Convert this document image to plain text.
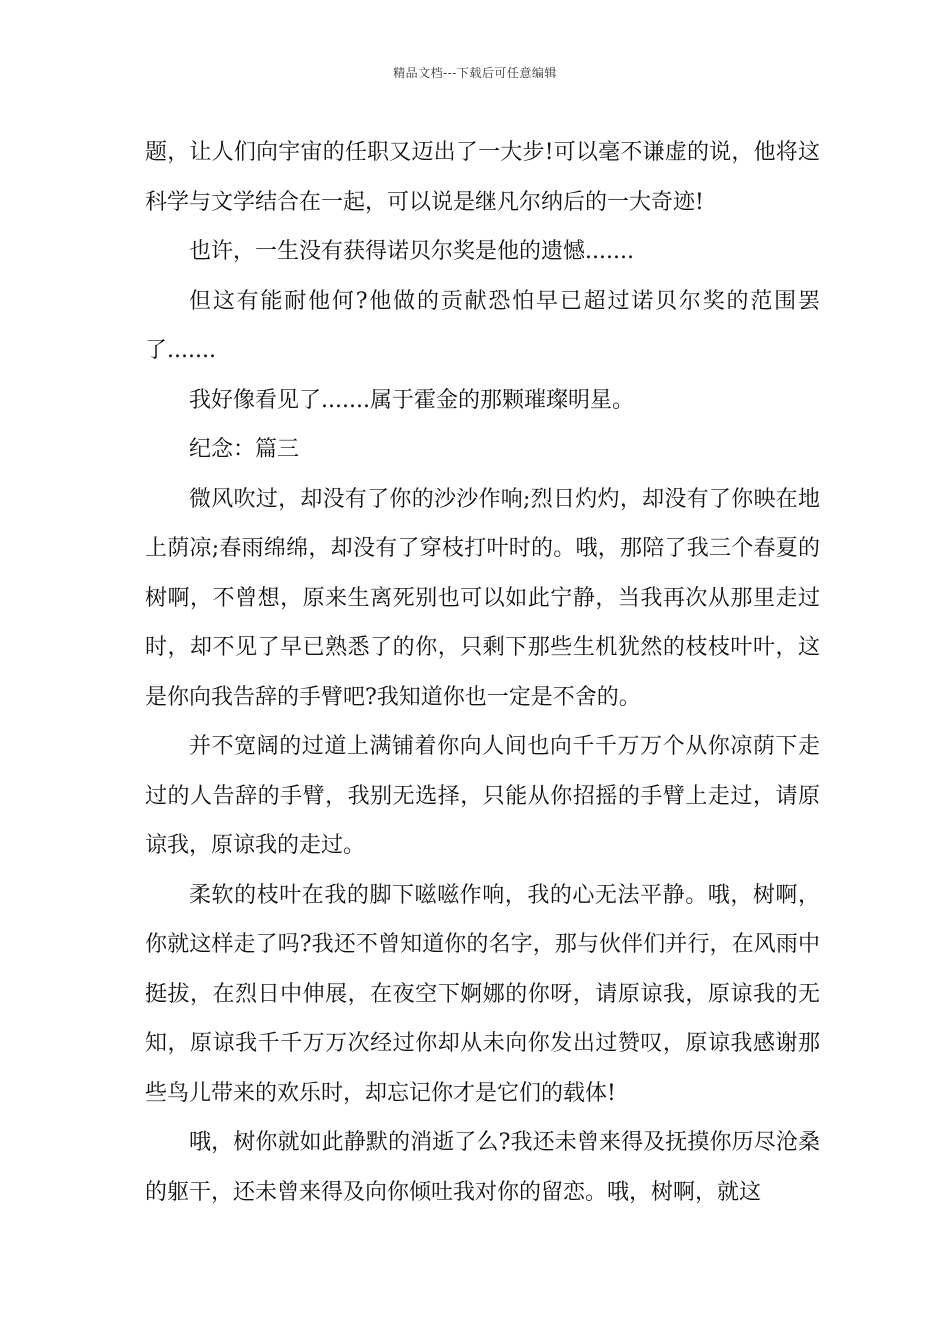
精品文档---下载后可任意编辑

题，让人们向宇宙的任职又迈出了一大步!可以毫不谦虚的说，他将这科学与文学结合在一起，可以说是继凡尔纳后的一大奇迹!

也许，一生没有获得诺贝尔奖是他的遗憾.......

但这有能耐他何?他做的贡献恐怕早已超过诺贝尔奖的范围罢了.......

我好像看见了.......属于霍金的那颗璀璨明星。

纪念：篇三

微风吹过，却没有了你的沙沙作响;烈日灼灼，却没有了你映在地上荫凉;春雨绵绵，却没有了穿枝打叶时的。哦，那陪了我三个春夏的树啊，不曾想，原来生离死别也可以如此宁静，当我再次从那里走过时，却不见了早已熟悉了的你，只剩下那些生机犹然的枝枝叶叶，这是你向我告辞的手臂吧?我知道你也一定是不舍的。

并不宽阔的过道上满铺着你向人间也向千千万万个从你凉荫下走过的人告辞的手臂，我别无选择，只能从你招摇的手臂上走过，请原谅我，原谅我的走过。

柔软的枝叶在我的脚下嗞嗞作响，我的心无法平静。哦，树啊，你就这样走了吗?我还不曾知道你的名字，那与伙伴们并行，在风雨中挺拔，在烈日中伸展，在夜空下婀娜的你呀，请原谅我，原谅我的无知，原谅我千千万万次经过你却从未向你发出过赞叹，原谅我感谢那些鸟儿带来的欢乐时，却忘记你才是它们的载体!

哦，树你就如此静默的消逝了么?我还未曾来得及抚摸你历尽沧桑的躯干，还未曾来得及向你倾吐我对你的留恋。哦，树啊，就这
